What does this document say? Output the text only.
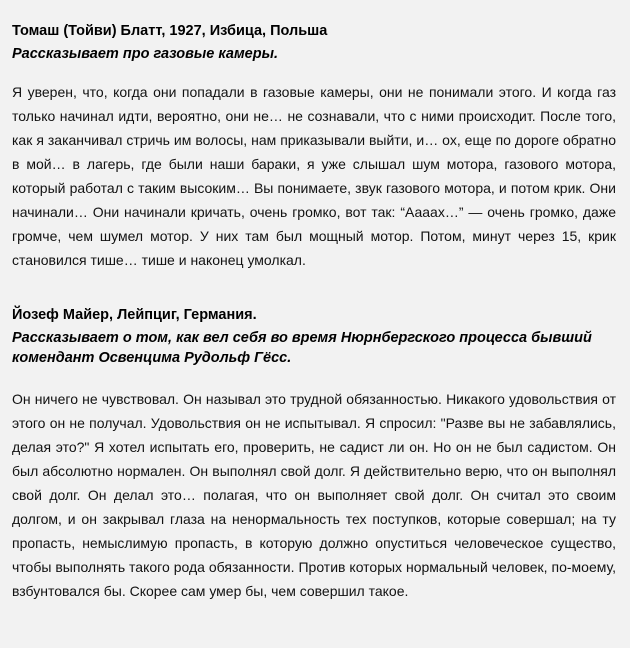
Томаш (Тойви) Блатт, 1927, Избица, Польша

Рассказывает про газовые камеры.

Я уверен, что, когда они попадали в газовые камеры, они не понимали этого. И когда газ только начинал идти, вероятно, они не… не сознавали, что с ними происходит. После того, как я заканчивал стричь им волосы, нам приказывали выйти, и… ох, еще по дороге обратно в мой… в лагерь, где были наши бараки, я уже слышал шум мотора, газового мотора, который работал с таким высоким… Вы понимаете, звук газового мотора, и потом крик. Они начинали… Они начинали кричать, очень громко, вот так: “Аааах…” — очень громко, даже громче, чем шумел мотор. У них там был мощный мотор. Потом, минут через 15, крик становился тише… тише и наконец умолкал.

Йозеф Майер, Лейпциг, Германия.

Рассказывает о том, как вел себя во время Нюрнбергского процесса бывший комендант Освенцима Рудольф Гёсс.

Он ничего не чувствовал. Он называл это трудной обязанностью. Никакого удовольствия от этого он не получал. Удовольствия он не испытывал. Я спросил: "Разве вы не забавлялись, делая это?" Я хотел испытать его, проверить, не садист ли он. Но он не был садистом. Он был абсолютно нормален. Он выполнял свой долг. Я действительно верю, что он выполнял свой долг. Он делал это… полагая, что он выполняет свой долг. Он считал это своим долгом, и он закрывал глаза на ненормальность тех поступков, которые совершал; на ту пропасть, немыслимую пропасть, в которую должно опуститься человеческое существо, чтобы выполнять такого рода обязанности. Против которых нормальный человек, по-моему, взбунтовался бы. Скорее сам умер бы, чем совершил такое.
